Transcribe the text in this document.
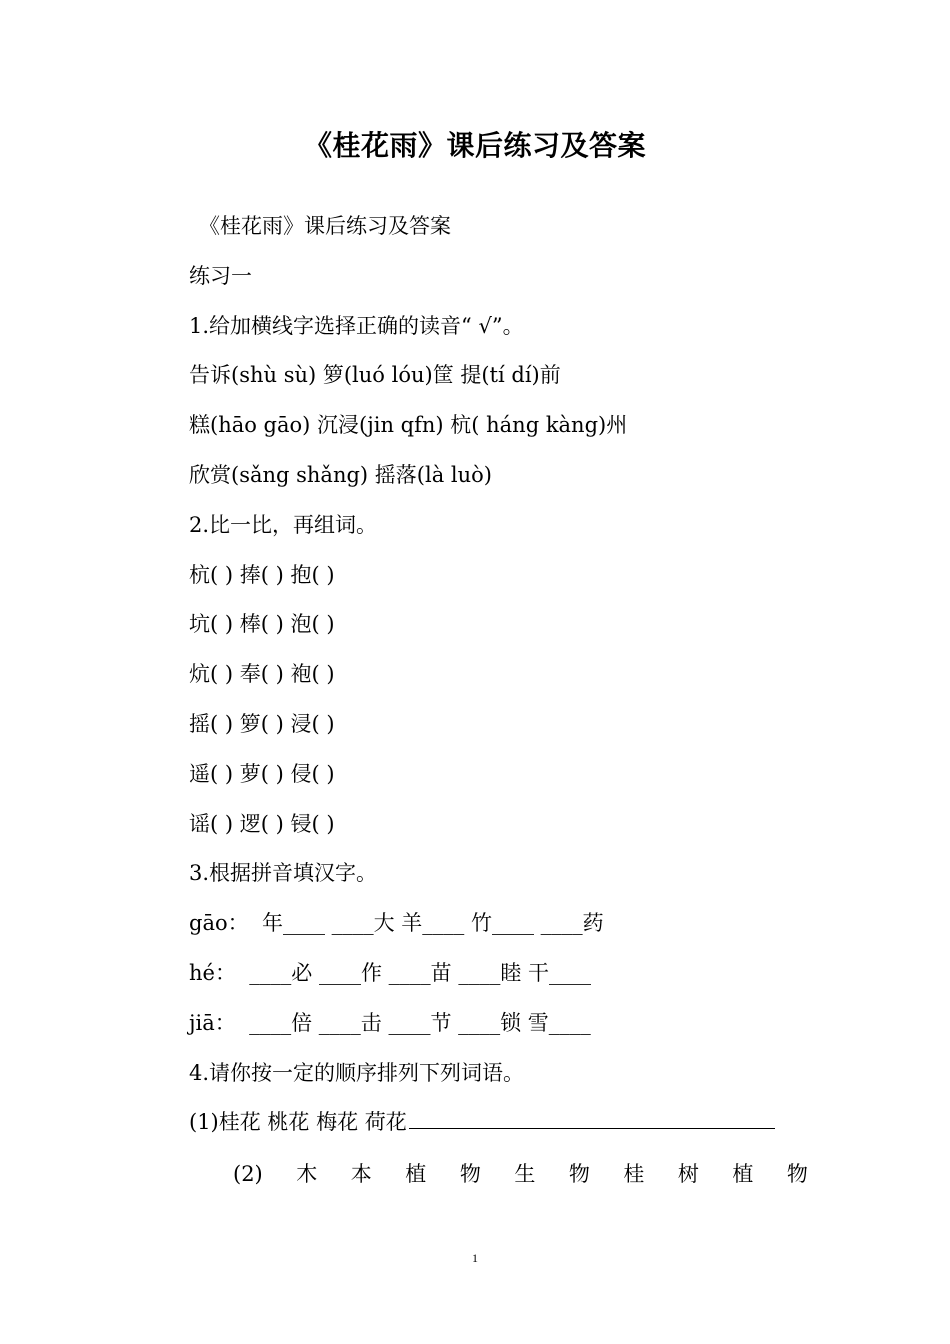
《桂花雨》课后练习及答案
《桂花雨》课后练习及答案
练习一
1.给加横线字选择正确的读音“ √”。
告诉(shù sù) 箩(luó lóu)筐 提(tí dí)前
糕(hāo gāo) 沉浸(jin qfn) 杭( háng kàng)州
欣赏(sǎng shǎng) 摇落(là luò)
2.比一比，再组词。
杭( ) 捧( ) 抱( )
坑( ) 棒( ) 泡( )
炕( ) 奉( ) 袍( )
摇( ) 箩( ) 浸( )
遥( ) 萝( ) 侵( )
谣( ) 逻( ) 锓( )
3.根据拼音填汉字。
gāo：  年____ ____大 羊____ 竹____ ____药
hé：  ____必 ____作 ____苗 ____睦 干____
jiā：  ____倍 ____击 ____节 ____锁 雪____
4.请你按一定的顺序排列下列词语。
(1)桂花 桃花 梅花 荷花
(2) 木 本 植 物 生 物 桂 树 植 物
1
